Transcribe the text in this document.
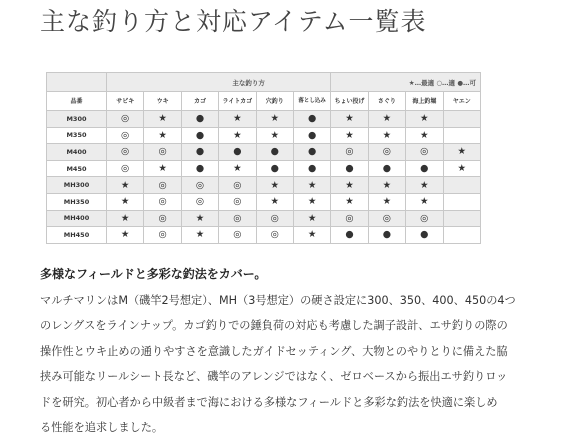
主な釣り方と対応アイテム一覧表
	主な釣り方						★…最適 ○…適 ●…可			
品番	サビキ	ウキ	カゴ	ライトカゴ	穴釣り	落とし込み	ちょい投げ	さぐり	海上釣堀	ヤエン
M300	◎	★	●	★	★	●	★	★	★	
M350	◎	★	●	★	★	●	★	★	★	
M400	◎	◎	●	●	●	●	◎	◎	◎	★
M450	◎	★	●	★	●	●	●	●	●	★
MH300	★	◎	◎	◎	★	★	★	★	★	
MH350	★	◎	◎	◎	★	★	★	★	★	
MH400	★	◎	★	◎	◎	★	◎	◎	◎	
MH450	★	◎	★	◎	◎	★	●	●	●	

多様なフィールドと多彩な釣法をカバー。

マルチマリンはM（磯竿2号想定）、MH（3号想定）の硬さ設定に300、350、400、450の4つ
のレングスをラインナップ。カゴ釣りでの錘負荷の対応も考慮した調子設計、エサ釣りの際の
操作性とウキ止めの通りやすさを意識したガイドセッティング、大物とのやりとりに備えた脇
挟み可能なリールシート長など、磯竿のアレンジではなく、ゼロベースから振出エサ釣りロッ
ドを研究。初心者から中級者まで海における多様なフィールドと多彩な釣法を快適に楽しめ
る性能を追求しました。
